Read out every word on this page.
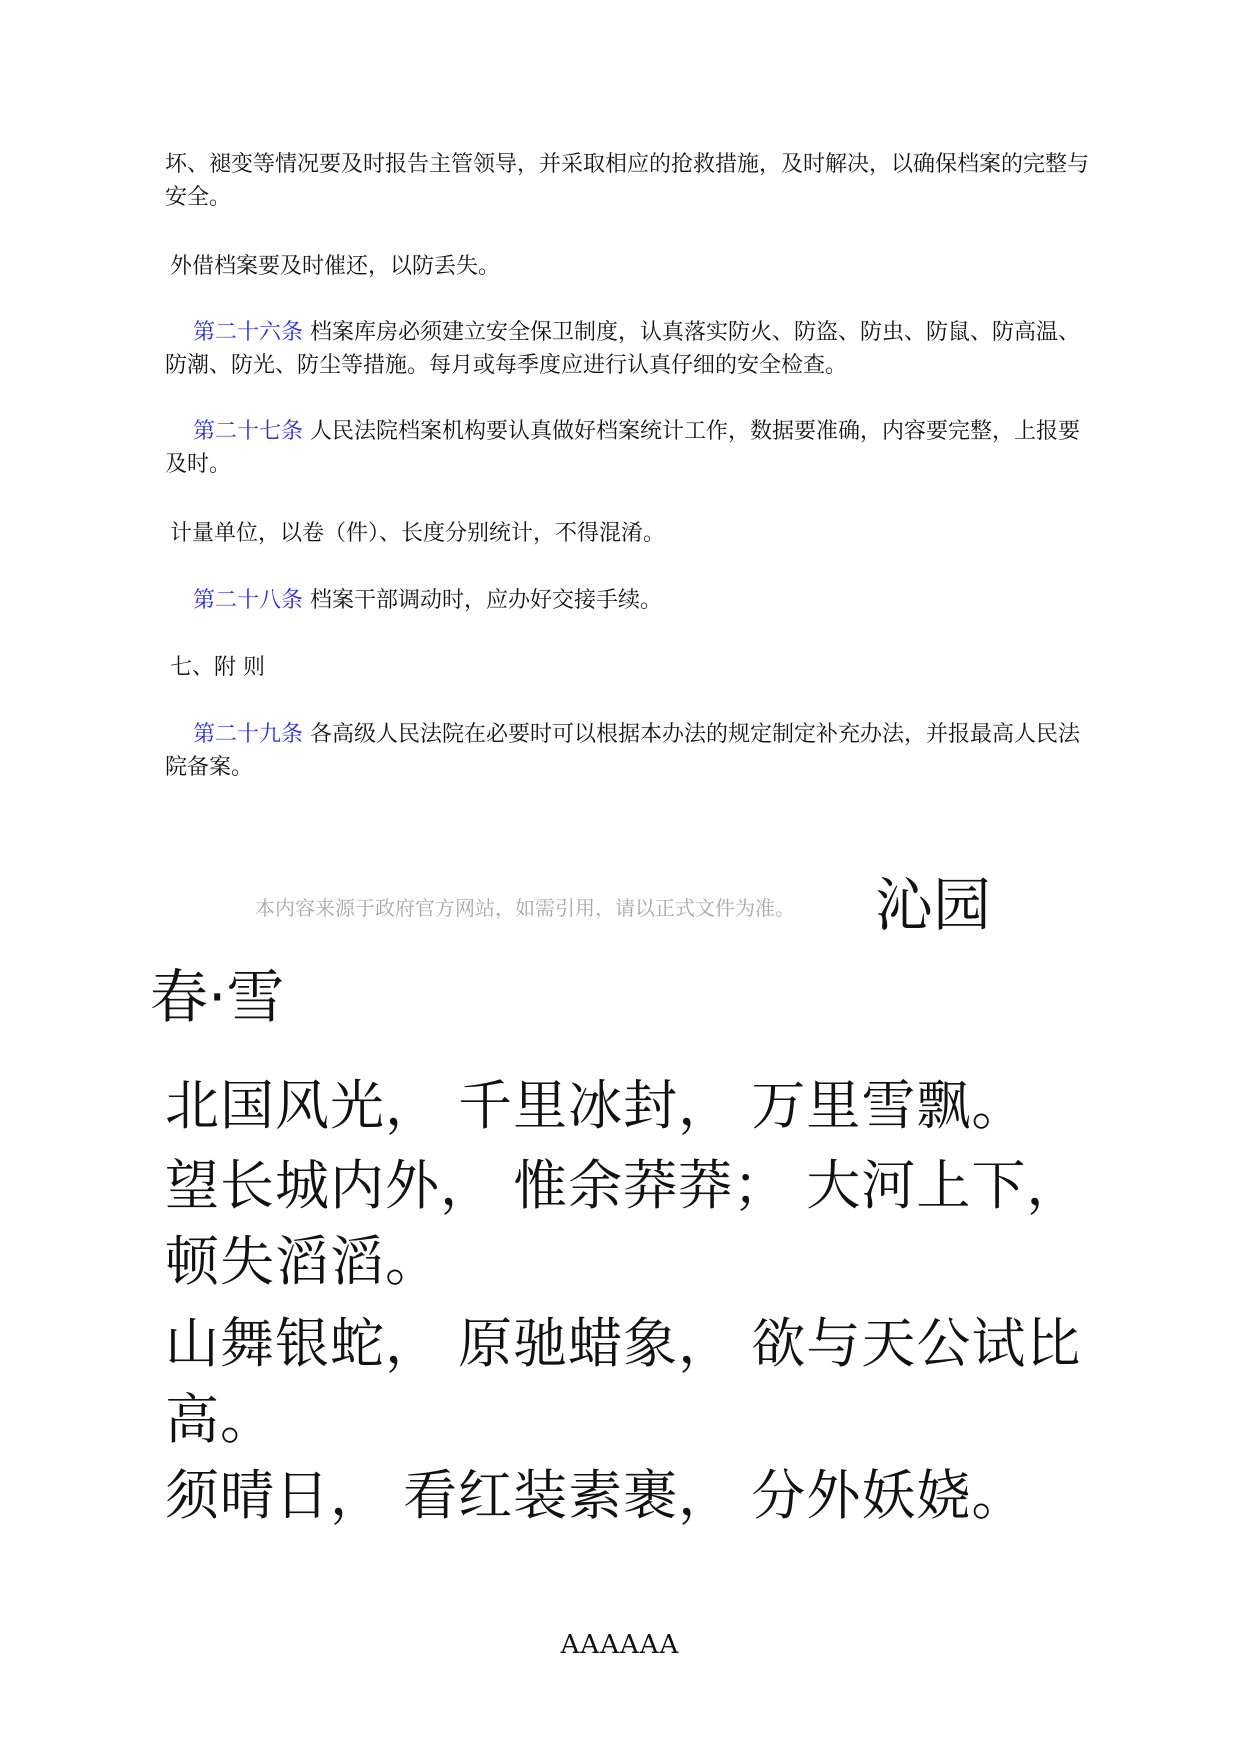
坏、褪变等情况要及时报告主管领导，并采取相应的抢救措施，及时解决，以确保档案的完整与安全。

外借档案要及时催还，以防丢失。

第二十六条 档案库房必须建立安全保卫制度，认真落实防火、防盗、防虫、防鼠、防高温、防潮、防光、防尘等措施。每月或每季度应进行认真仔细的安全检查。

第二十七条 人民法院档案机构要认真做好档案统计工作，数据要准确，内容要完整，上报要及时。

计量单位，以卷（件）、长度分别统计，不得混淆。

第二十八条 档案干部调动时，应办好交接手续。

七、附 则

第二十九条 各高级人民法院在必要时可以根据本办法的规定制定补充办法，并报最高人民法院备案。

本内容来源于政府官方网站，如需引用，请以正式文件为准。 沁园
春·雪

北国风光， 千里冰封， 万里雪飘。

望长城内外， 惟余莽莽； 大河上下， 顿失滔滔。

山舞银蛇， 原驰蜡象， 欲与天公试比高。

须晴日， 看红装素裹， 分外妖娆。

AAAAAA
